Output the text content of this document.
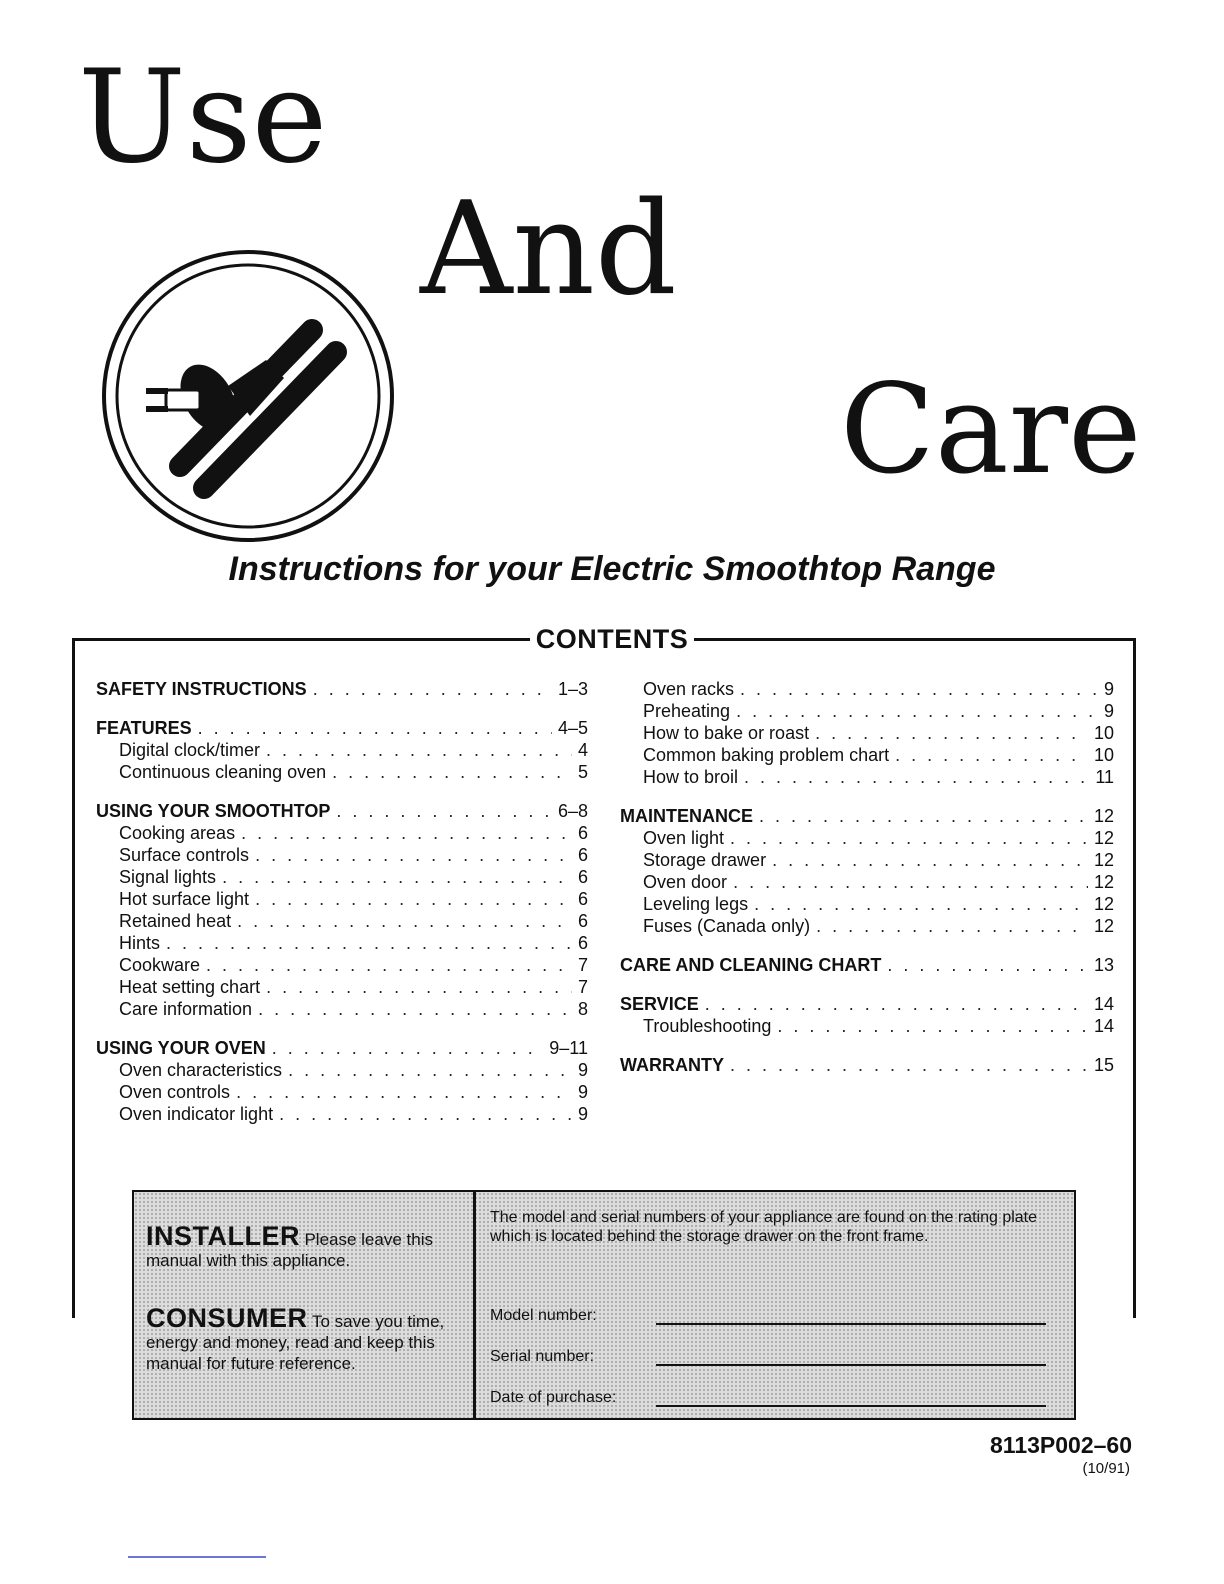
Use
And
Care
Instructions for your Electric Smoothtop Range
CONTENTS
SAFETY INSTRUCTIONS . . .	1–3
FEATURES . . .	4–5
Digital clock/timer . . .	4
Continuous cleaning oven . . .	5
USING YOUR SMOOTHTOP . . .	6–8
Cooking areas . . .	6
Surface controls . . .	6
Signal lights . . .	6
Hot surface light . . .	6
Retained heat . . .	6
Hints . . .	6
Cookware . . .	7
Heat setting chart . . .	7
Care information . . .	8
USING YOUR OVEN . . .	9–11
Oven characteristics . . .	9
Oven controls . . .	9
Oven indicator light . . .	9
Oven racks . . .	9
Preheating . . .	9
How to bake or roast . . .	10
Common baking problem chart . . .	10
How to broil . . .	11
MAINTENANCE . . .	12
Oven light . . .	12
Storage drawer . . .	12
Oven door . . .	12
Leveling legs . . .	12
Fuses (Canada only) . . .	12
CARE AND CLEANING CHART . . .	13
SERVICE . . .	14
Troubleshooting . . .	14
WARRANTY . . .	15

INSTALLER Please leave this manual with this appliance.

CONSUMER To save you time, energy and money, read and keep this manual for future reference.

The model and serial numbers of your appliance are found on the rating plate which is located behind the storage drawer on the front frame.

Model number:
Serial number:
Date of purchase:

8113P002–60

(10/91)
